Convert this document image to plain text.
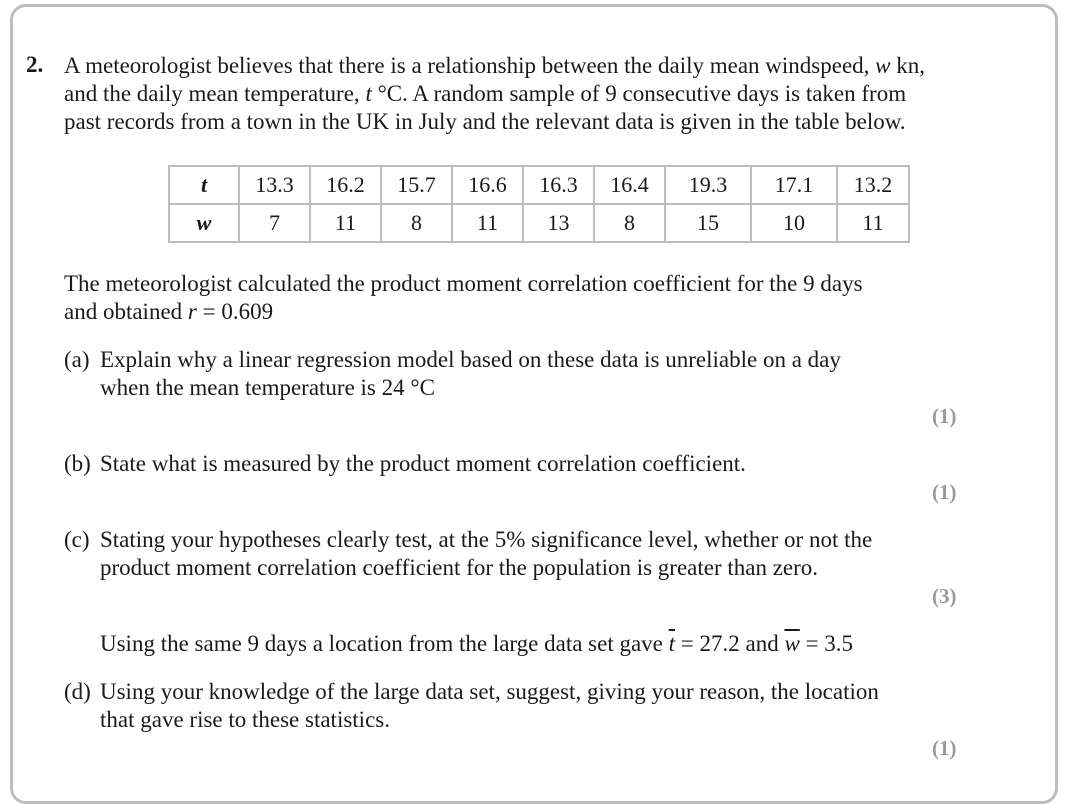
2. A meteorologist believes that there is a relationship between the daily mean windspeed, w kn,
and the daily mean temperature, t °C. A random sample of 9 consecutive days is taken from
past records from a town in the UK in July and the relevant data is given in the table below.
t	13.3	16.2	15.7	16.6	16.3	16.4	19.3	17.1	13.2
w	7	11	8	11	13	8	15	10	11
The meteorologist calculated the product moment correlation coefficient for the 9 days
and obtained r = 0.609
(a) Explain why a linear regression model based on these data is unreliable on a day
when the mean temperature is 24 °C
(1)
(b) State what is measured by the product moment correlation coefficient.
(1)
(c) Stating your hypotheses clearly test, at the 5% significance level, whether or not the
product moment correlation coefficient for the population is greater than zero.
(3)
Using the same 9 days a location from the large data set gave $\overline{t} = 27.2$ and $\overline{w} = 3.5$
(d) Using your knowledge of the large data set, suggest, giving your reason, the location
that gave rise to these statistics.
(1)
